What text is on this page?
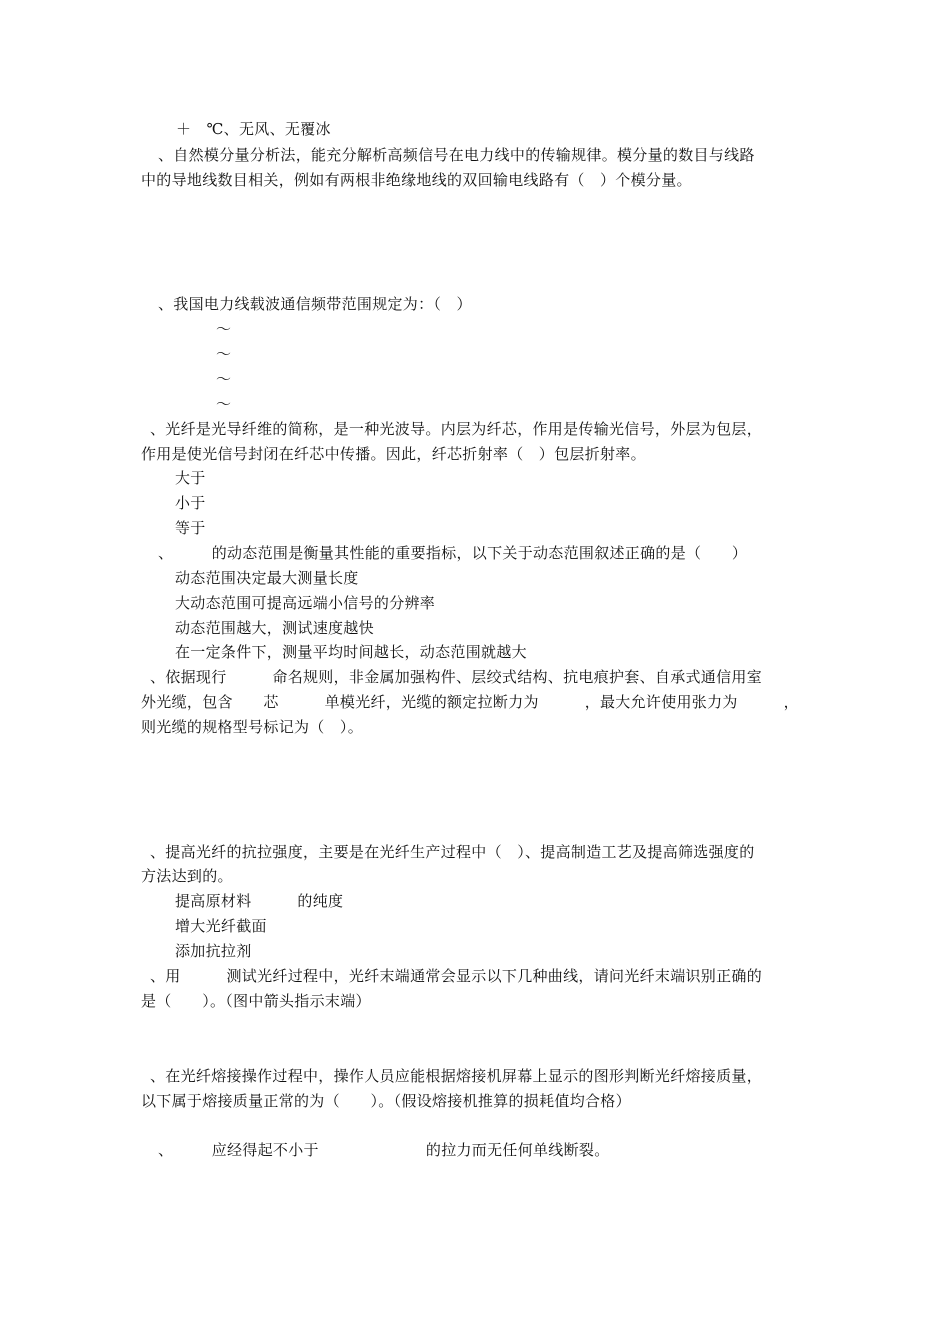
＋　℃、无风、无覆冰
、自然模分量分析法，能充分解析高频信号在电力线中的传输规律。模分量的数目与线路
中的导地线数目相关，例如有两根非绝缘地线的双回输电线路有（　）个模分量。
、我国电力线载波通信频带范围规定为：（　）
～
～
～
～
、光纤是光导纤维的简称，是一种光波导。内层为纤芯，作用是传输光信号，外层为包层，
作用是使光信号封闭在纤芯中传播。因此，纤芯折射率（　）包层折射率。
大于
小于
等于
、　　　的动态范围是衡量其性能的重要指标，以下关于动态范围叙述正确的是（　　）
动态范围决定最大测量长度
大动态范围可提高远端小信号的分辨率
动态范围越大，测试速度越快
在一定条件下，测量平均时间越长，动态范围就越大
、依据现行　　　命名规则，非金属加强构件、层绞式结构、抗电痕护套、自承式通信用室
外光缆，包含　　芯　　　单模光纤，光缆的额定拉断力为　　　，最大允许使用张力为　　　，
则光缆的规格型号标记为（　）。
、提高光纤的抗拉强度，主要是在光纤生产过程中（　）、提高制造工艺及提高筛选强度的
方法达到的。
提高原材料　　　的纯度
增大光纤截面
添加抗拉剂
、用　　　测试光纤过程中，光纤末端通常会显示以下几种曲线，请问光纤末端识别正确的
是（　　）。（图中箭头指示末端）
、在光纤熔接操作过程中，操作人员应能根据熔接机屏幕上显示的图形判断光纤熔接质量，
以下属于熔接质量正常的为（　　）。（假设熔接机推算的损耗值均合格）
、　　　应经得起不小于　　　　　　　的拉力而无任何单线断裂。
